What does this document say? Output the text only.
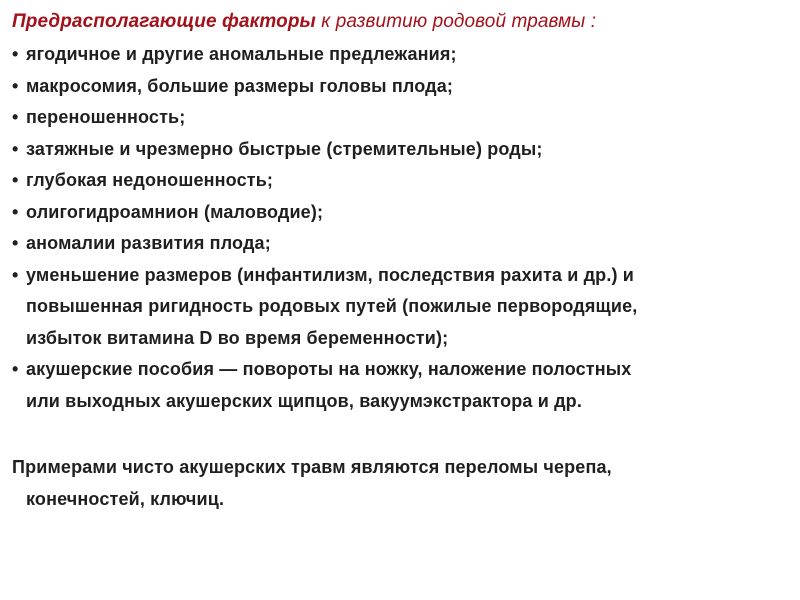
Предрасполагающие факторы к развитию родовой травмы :
• ягодичное и другие аномальные предлежания;
• макросомия, большие размеры головы плода;
• переношенность;
• затяжные и чрезмерно быстрые (стремительные) роды;
• глубокая недоношенность;
• олигогидроамнион (маловодие);
• аномалии развития плода;
• уменьшение размеров (инфантилизм, последствия рахита и др.) и
повышенная ригидность родовых путей (пожилые первородящие,
избыток витамина D во время беременности);
• акушерские пособия — повороты на ножку, наложение полостных
или выходных акушерских щипцов, вакуумэкстрактора и др.

Примерами чисто акушерских травм являются переломы черепа,
конечностей, ключиц.
